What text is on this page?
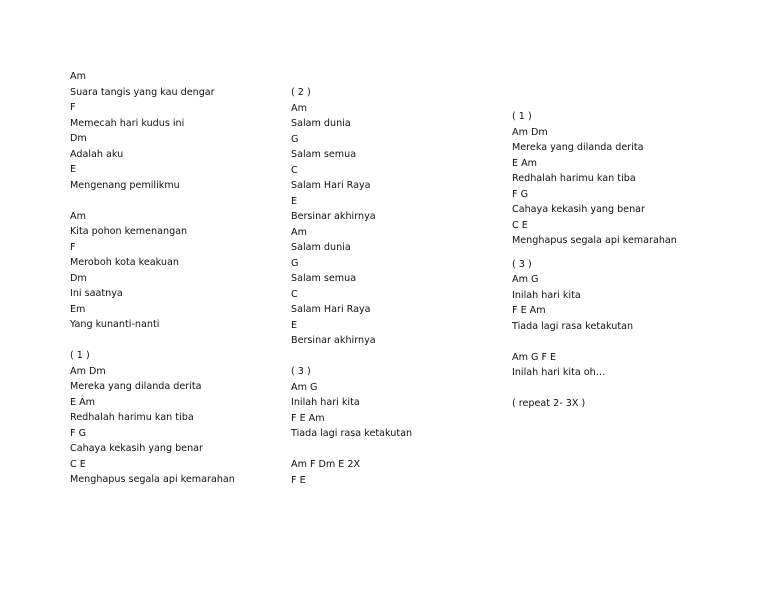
Am
Suara tangis yang kau dengar
F
Memecah hari kudus ini
Dm
Adalah aku
E
Mengenang pemilikmu
Am
Kita pohon kemenangan
F
Meroboh kota keakuan
Dm
Ini saatnya
Em
Yang kunanti-nanti
( 1 )
Am Dm
Mereka yang dilanda derita
E Am
Redhalah harimu kan tiba
F G
Cahaya kekasih yang benar
C E
Menghapus segala api kemarahan
( 2 )
Am
Salam dunia
G
Salam semua
C
Salam Hari Raya
E
Bersinar akhirnya
Am
Salam dunia
G
Salam semua
C
Salam Hari Raya
E
Bersinar akhirnya
( 3 )
Am G
Inilah hari kita
F E Am
Tiada lagi rasa ketakutan
Am F Dm E 2X
F E
( 1 )
Am Dm
Mereka yang dilanda derita
E Am
Redhalah harimu kan tiba
F G
Cahaya kekasih yang benar
C E
Menghapus segala api kemarahan
( 3 )
Am G
Inilah hari kita
F E Am
Tiada lagi rasa ketakutan
Am G F E
Inilah hari kita oh…
( repeat 2- 3X )
